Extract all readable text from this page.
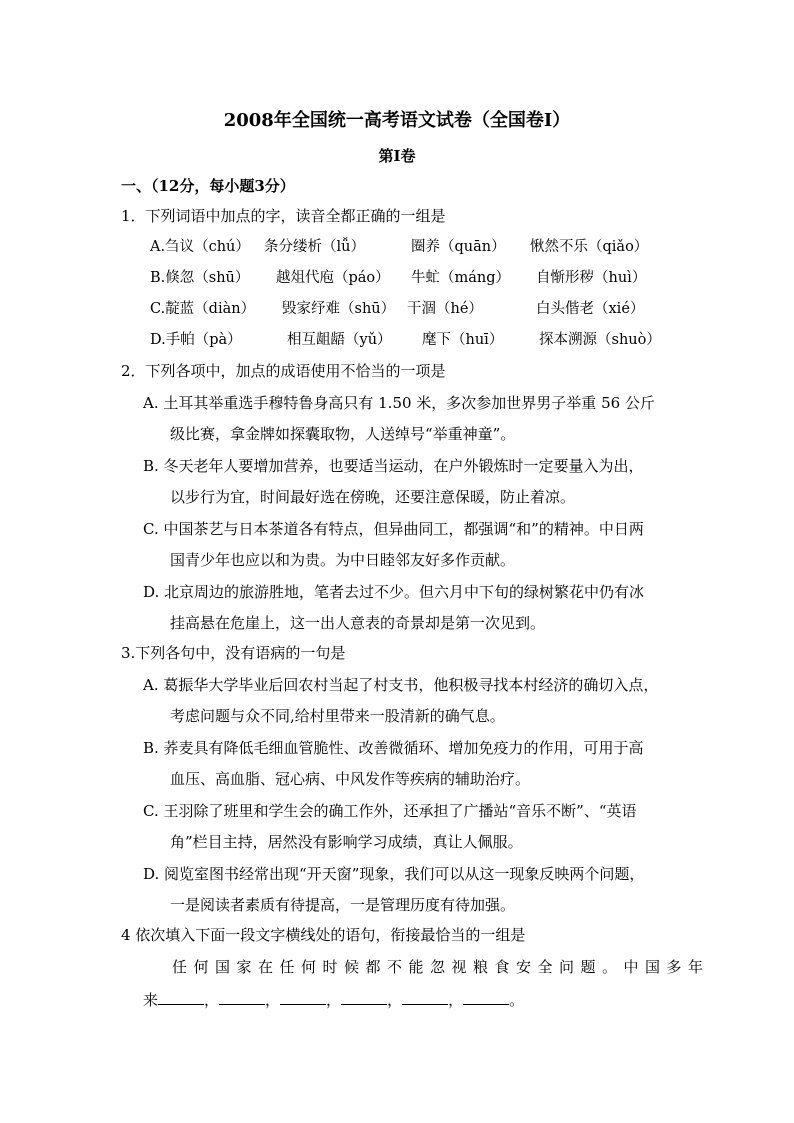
2008年全国统一高考语文试卷（全国卷Ⅰ）
第I卷
一、（12分，每小题3分）
1．下列词语中加点的字，读音全都正确的一组是
A.刍议（chú） 条分缕析（lǚ）	圈养（quān） 愀然不乐（qiǎo）
B.倏忽（shū） 越俎代庖（páo） 牛虻（máng） 自惭形秽（huì）
C.靛蓝（diàn） 毁家纾难（shū） 干涸（hé）	白头偕老（xié）
D.手帕（pà）	相互龃龉（yǔ） 麾下（huī） 探本溯源（shuò）
2．下列各项中，加点的成语使用不恰当的一项是
A. 土耳其举重选手穆特鲁身高只有 1.50 米，多次参加世界男子举重 56 公斤
级比赛，拿金牌如探囊取物，人送绰号“举重神童”。
B. 冬天老年人要增加营养，也要适当运动，在户外锻炼时一定要量入为出，
以步行为宜，时间最好选在傍晚，还要注意保暖，防止着凉。
C. 中国茶艺与日本茶道各有特点，但异曲同工，都强调“和”的精神。中日两
国青少年也应以和为贵。为中日睦邻友好多作贡献。
D. 北京周边的旅游胜地，笔者去过不少。但六月中下旬的绿树繁花中仍有冰
挂高悬在危崖上，这一出人意表的奇景却是第一次见到。
3.下列各句中，没有语病的一句是
A. 葛振华大学毕业后回农村当起了村支书，他积极寻找本村经济的确切入点，
考虑问题与众不同,给村里带来一股清新的确气息。
B. 荞麦具有降低毛细血管脆性、改善微循环、增加免疫力的作用，可用于高
血压、高血脂、冠心病、中风发作等疾病的辅助治疗。
C. 王羽除了班里和学生会的确工作外，还承担了广播站“音乐不断”、“英语
角”栏目主持，居然没有影响学习成绩，真让人佩服。
D. 阅览室图书经常出现“开天窗”现象，我们可以从这一现象反映两个问题，
一是阅读者素质有待提高，一是管理历度有待加强。
4 依次填入下面一段文字横线处的语句，衔接最恰当的一组是
任何国家在任何时候都不能忽视粮食安全问题。中国多年
来	，	，	，	，	，	。
